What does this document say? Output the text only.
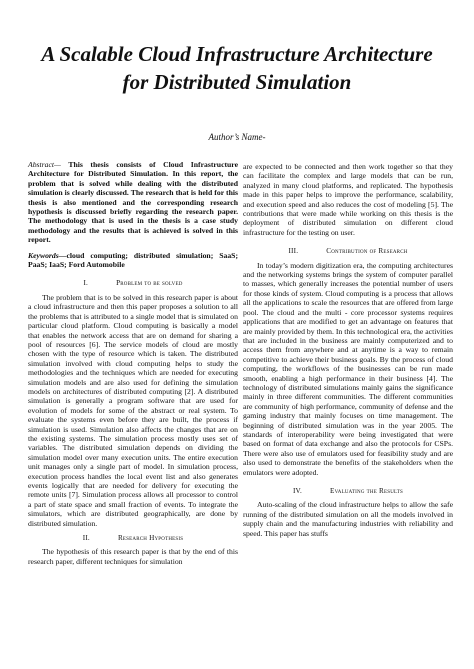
A Scalable Cloud Infrastructure Architecture
for Distributed Simulation
Author’s Name-

Abstract— This thesis consists of Cloud Infrastructure Architecture for Distributed Simulation. In this report, the problem that is solved while dealing with the distributed simulation is clearly discussed. The research that is held for this thesis is also mentioned and the corresponding research hypothesis is discussed briefly regarding the research paper. The methodology that is used in the thesis is a case study methodology and the results that is achieved is solved in this report.

Keywords—cloud computing; distributed simulation; SaaS; PaaS; IaaS; Ford Automobile

I.	Problem to be solved

The problem that is to be solved in this research paper is about a cloud infrastructure and then this paper proposes a solution to all the problems that is attributed to a single model that is simulated on particular cloud platform. Cloud computing is basically a model that enables the network access that are on demand for sharing a pool of resources [6]. The service models of cloud are mostly chosen with the type of resource which is taken. The distributed simulation involved with cloud computing helps to study the methodologies and the techniques which are needed for executing simulation models and are also used for defining the simulation models on architectures of distributed computing [2]. A distributed simulation is generally a program software that are used for evolution of models for some of the abstract or real system. To evaluate the systems even before they are built, the process if simulation is used. Simulation also affects the changes that are on the existing systems. The simulation process mostly uses set of variables. The distributed simulation depends on dividing the simulation model over many execution units. The entire execution unit manages only a single part of model. In simulation process, execution process handles the local event list and also generates events logically that are needed for delivery for executing the remote units [7]. Simulation process allows all processor to control a part of state space and small fraction of events. To integrate the simulators, which are distributed geographically, are done by distributed simulation.

II.	Research Hypothesis

The hypothesis of this research paper is that by the end of this research paper, different techniques for simulation

are expected to be connected and then work together so that they can facilitate the complex and large models that can be run, analyzed in many cloud platforms, and replicated. The hypothesis made in this paper helps to improve the performance, scalability, and execution speed and also reduces the cost of modeling [5]. The contributions that were made while working on this thesis is the deployment of distributed simulation on different cloud infrastructure for the testing on user.

III.	Contribution of Research

In today’s modern digitization era, the computing architectures and the networking systems brings the system of computer parallel to masses, which generally increases the potential number of users for those kinds of system. Cloud computing is a process that allows all the applications to scale the resources that are offered from large pool. The cloud and the multi - core processor systems requires applications that are modified to get an advantage on features that are mainly provided by them. In this technological era, the activities that are included in the business are mainly computerized and to access them from anywhere and at anytime is a way to remain competitive to achieve their business goals. By the process of cloud computing, the workflows of the businesses can be run made smooth, enabling a high performance in their business [4]. The technology of distributed simulations mainly gains the significance mainly in three different communities. The different communities are community of high performance, community of defense and the gaming industry that mainly focuses on time management. The beginning of distributed simulation was in the year 2005. The standards of interoperability were being investigated that were based on format of data exchange and also the protocols for CSPs. There were also use of emulators used for feasibility study and are also used to demonstrate the benefits of the stakeholders when the emulators were adopted.

IV.	Evaluating the Results

Auto-scaling of the cloud infrastructure helps to allow the safe running of the distributed simulation on all the models involved in supply chain and the manufacturing industries with reliability and speed. This paper has stuffs
